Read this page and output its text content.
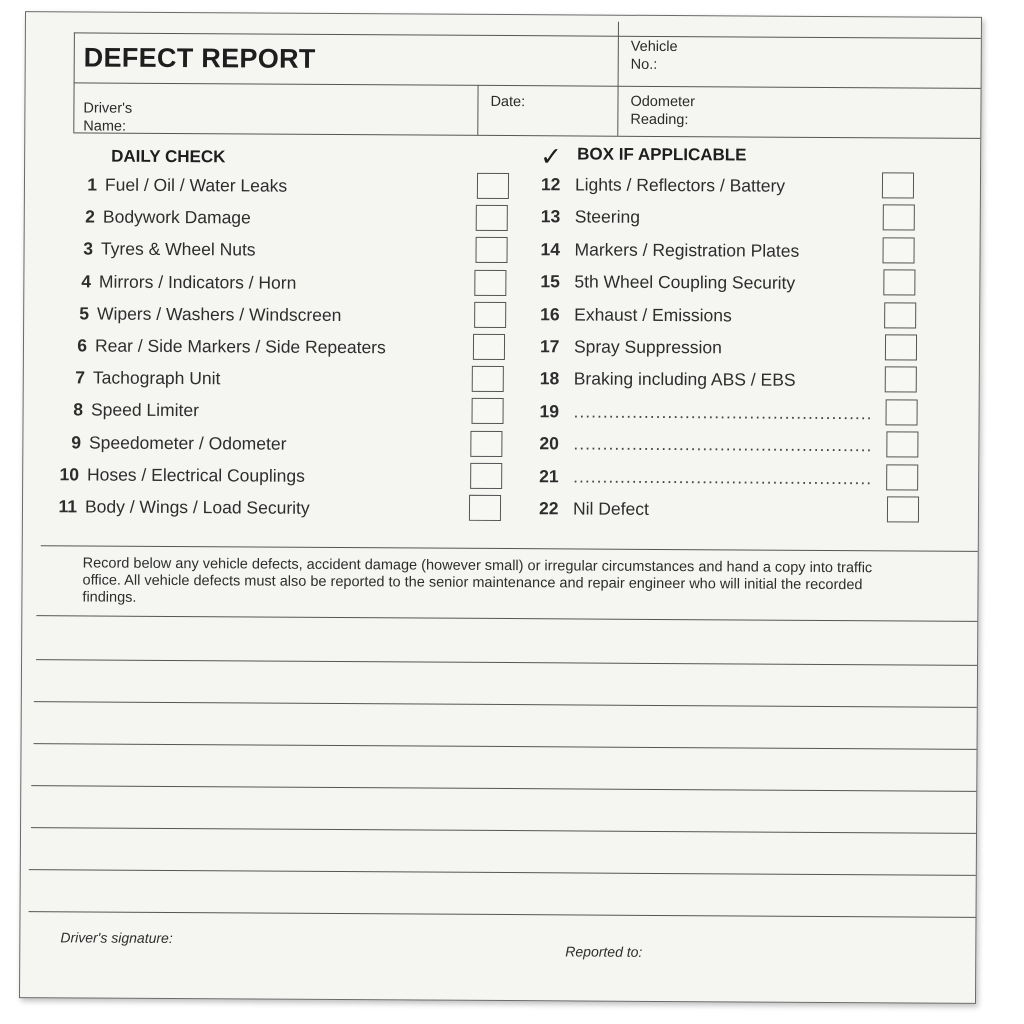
DEFECT REPORT	Vehicle
No.:
Driver's
Name:
Date:	Odometer
Reading:
DAILY CHECK	✓ BOX IF APPLICABLE
1 Fuel / Oil / Water Leaks
2 Bodywork Damage
3 Tyres & Wheel Nuts
4 Mirrors / Indicators / Horn
5 Wipers / Washers / Windscreen
6 Rear / Side Markers / Side Repeaters
7 Tachograph Unit
8 Speed Limiter
9 Speedometer / Odometer
10 Hoses / Electrical Couplings
11 Body / Wings / Load Security
12 Lights / Reflectors / Battery
13 Steering
14 Markers / Registration Plates
15 5th Wheel Coupling Security
16 Exhaust / Emissions
17 Spray Suppression
18 Braking including ABS / EBS
19 ...................................................
20 ...................................................
21 ...................................................
22 Nil Defect
Record below any vehicle defects, accident damage (however small) or irregular circumstances and hand a copy into traffic office. All vehicle defects must also be reported to the senior maintenance and repair engineer who will initial the recorded findings.
Driver's signature:
Reported to:
